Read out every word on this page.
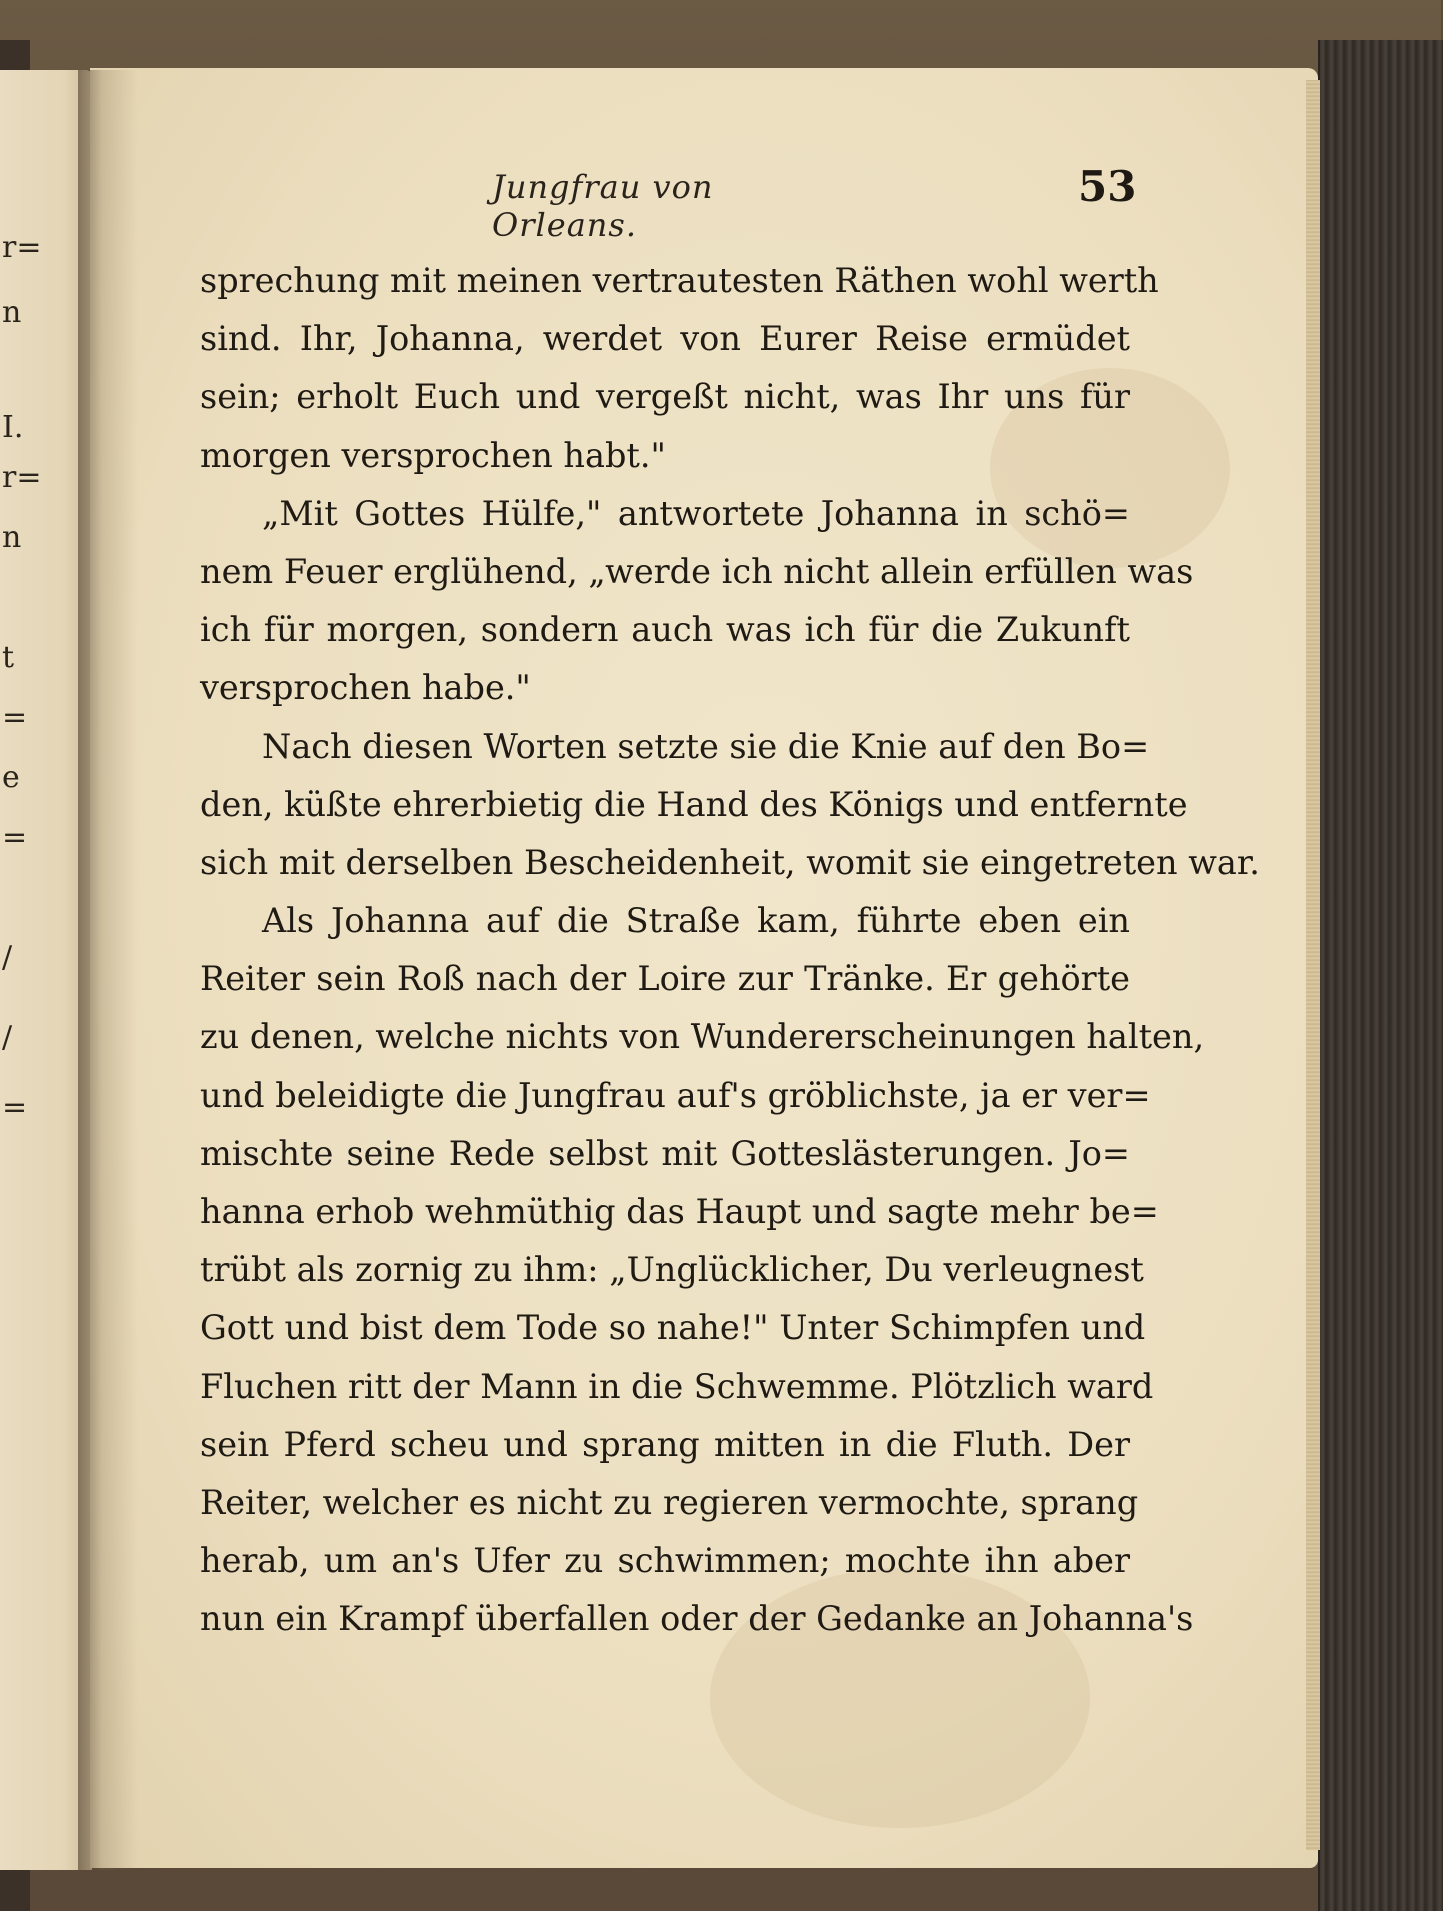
r=
n
I.
r=
n
t
=
e
=
/
/
=
Jungfrau von Orleans.
53
sprechung mit meinen vertrautesten Räthen wohl werth
sind. Ihr, Johanna, werdet von Eurer Reise ermüdet
sein; erholt Euch und vergeßt nicht, was Ihr uns für
morgen versprochen habt."
„Mit Gottes Hülfe," antwortete Johanna in schö=
nem Feuer erglühend, „werde ich nicht allein erfüllen was
ich für morgen, sondern auch was ich für die Zukunft
versprochen habe."
Nach diesen Worten setzte sie die Knie auf den Bo=
den, küßte ehrerbietig die Hand des Königs und entfernte
sich mit derselben Bescheidenheit, womit sie eingetreten war.
Als Johanna auf die Straße kam, führte eben ein
Reiter sein Roß nach der Loire zur Tränke. Er gehörte
zu denen, welche nichts von Wundererscheinungen halten,
und beleidigte die Jungfrau auf's gröblichste, ja er ver=
mischte seine Rede selbst mit Gotteslästerungen. Jo=
hanna erhob wehmüthig das Haupt und sagte mehr be=
trübt als zornig zu ihm: „Unglücklicher, Du verleugnest
Gott und bist dem Tode so nahe!" Unter Schimpfen und
Fluchen ritt der Mann in die Schwemme. Plötzlich ward
sein Pferd scheu und sprang mitten in die Fluth. Der
Reiter, welcher es nicht zu regieren vermochte, sprang
herab, um an's Ufer zu schwimmen; mochte ihn aber
nun ein Krampf überfallen oder der Gedanke an Johanna's
